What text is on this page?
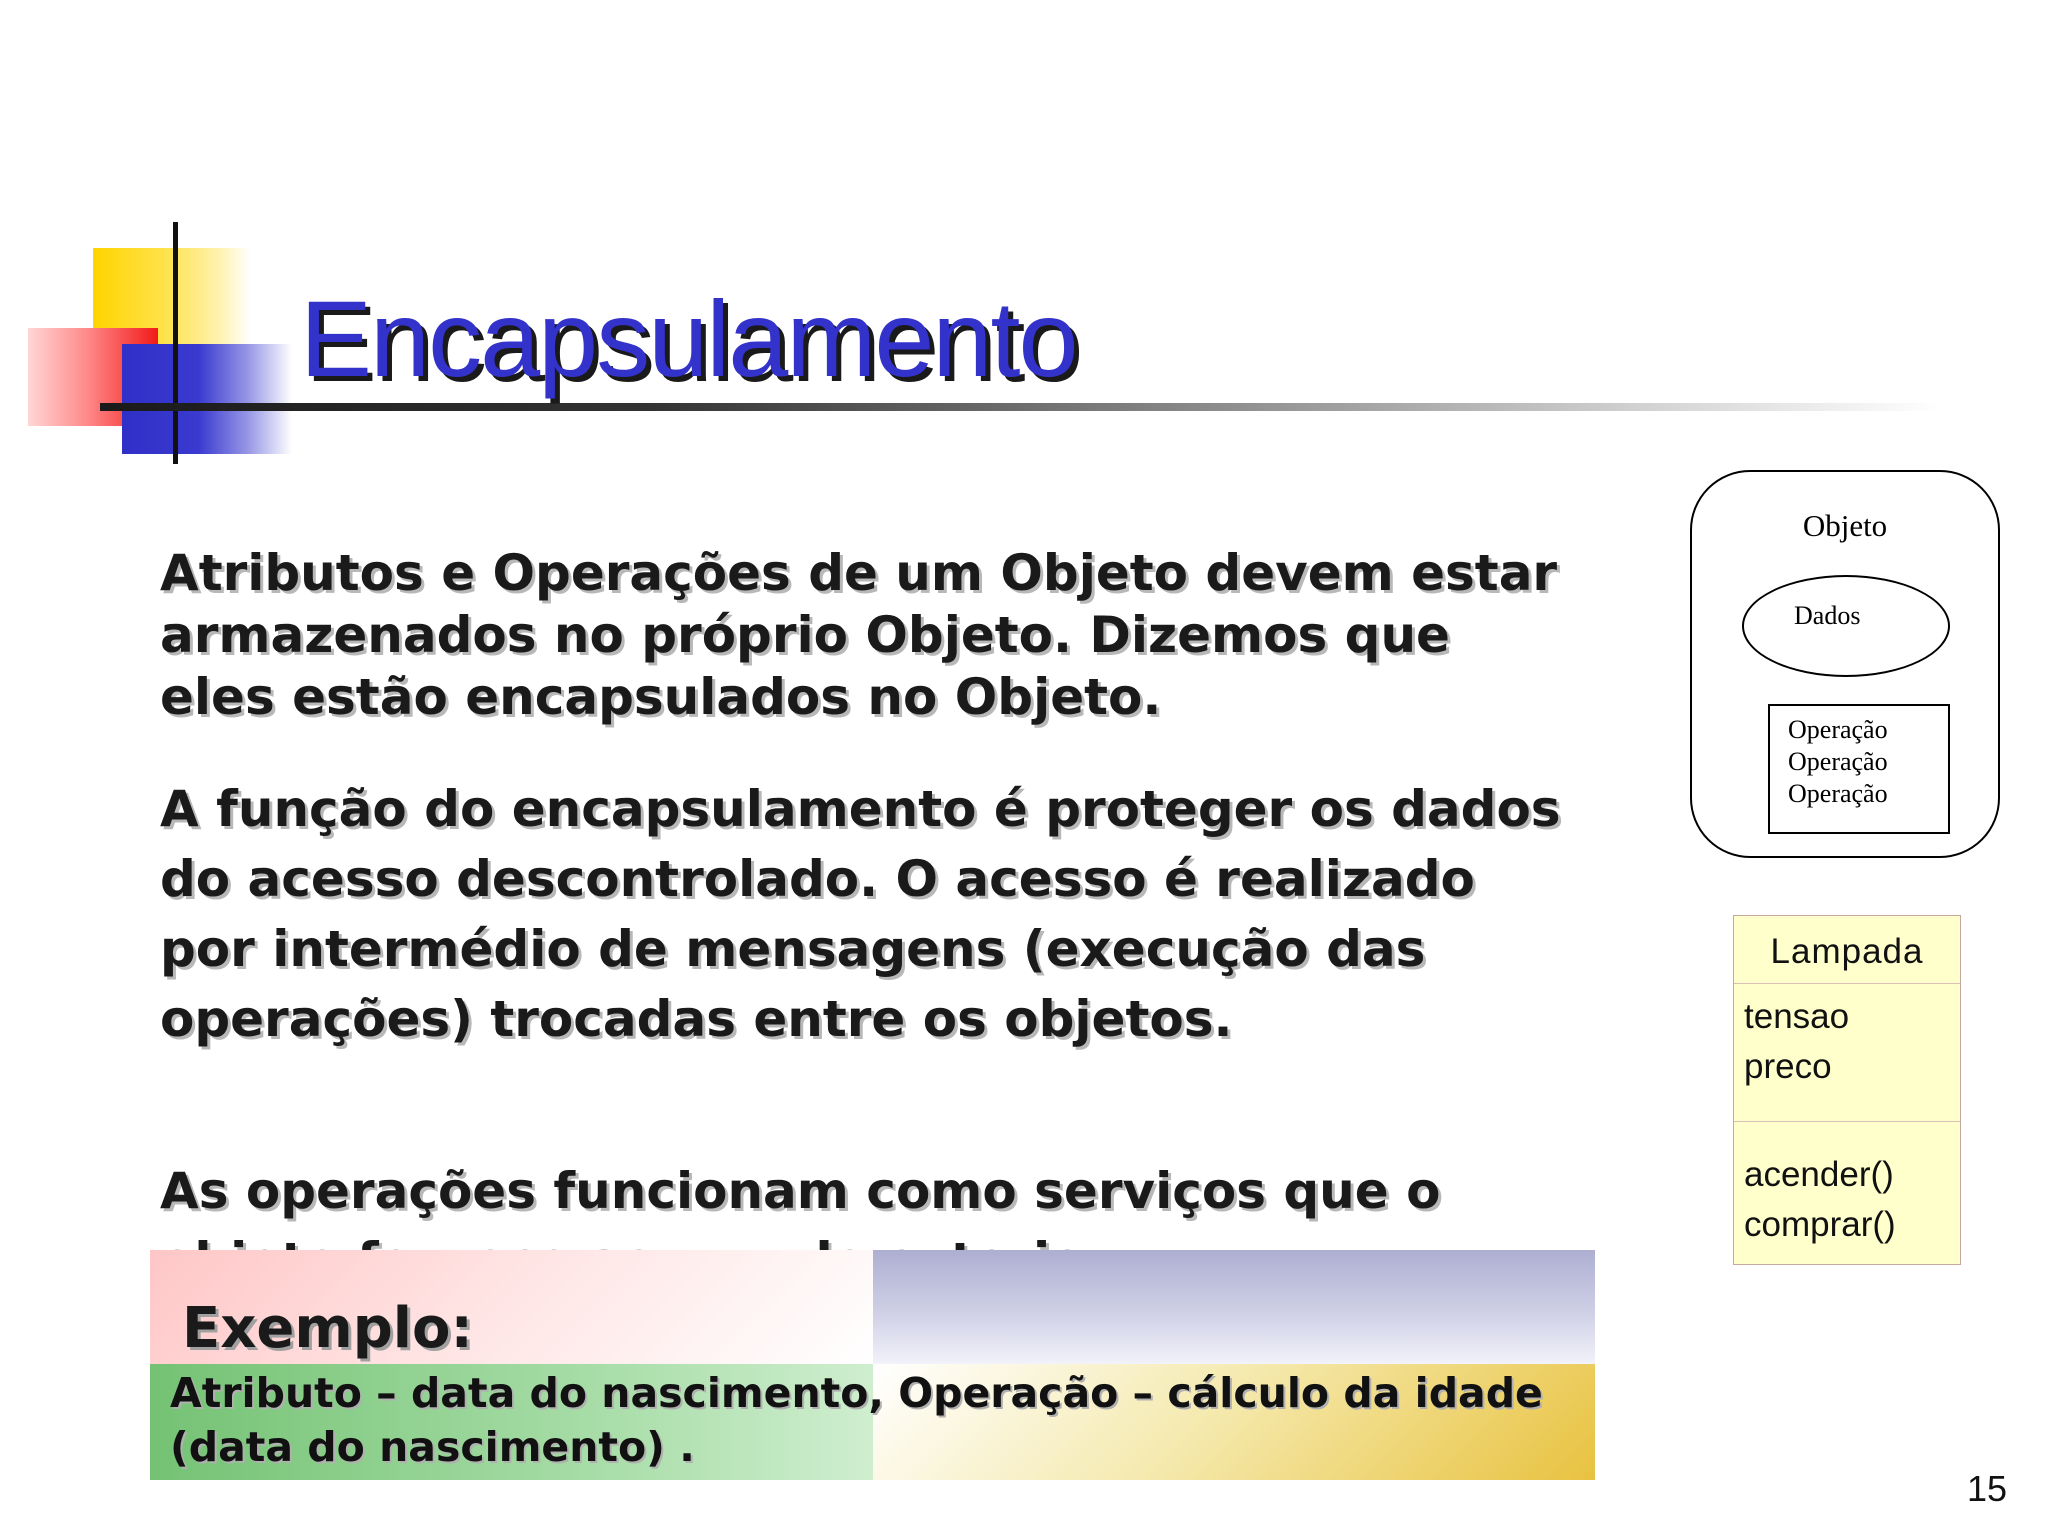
Encapsulamento

Atributos e Operações de um Objeto devem estar armazenados no próprio Objeto. Dizemos que eles estão encapsulados no Objeto.

A função do encapsulamento é proteger os dados do acesso descontrolado. O acesso é realizado por intermédio de mensagens (execução das operações) trocadas entre os objetos.

As operações funcionam como serviços que o

Exemplo:

Atributo – data do nascimento, Operação – cálculo da idade (data do nascimento) .

Objeto
Dados
Operação
Operação
Operação
Lampada
tensao
preco
acender()
comprar()
15
